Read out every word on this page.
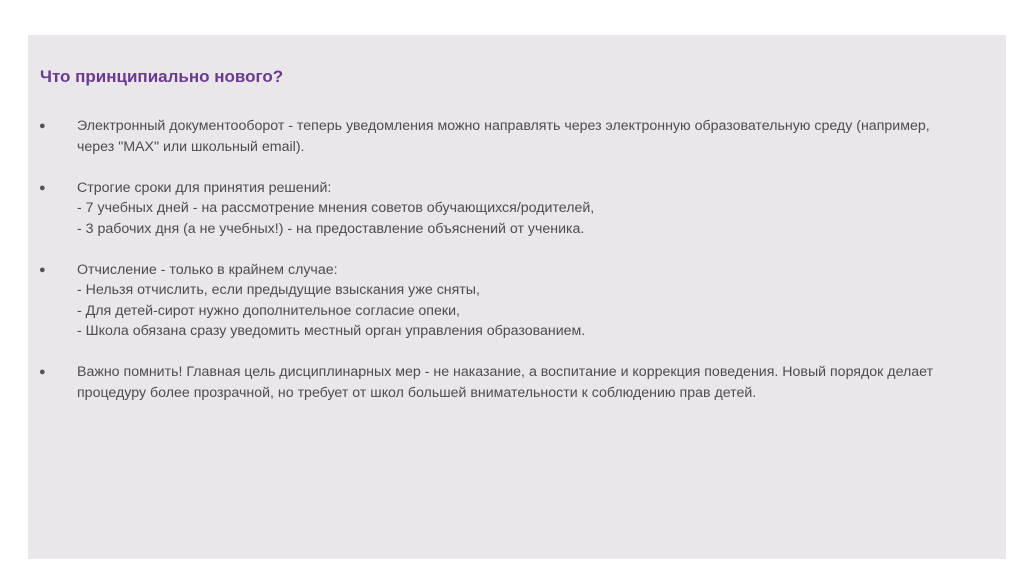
Что принципиально нового?
● Электронный документооборот - теперь уведомления можно направлять через электронную образовательную среду (например,
через "MAX" или школьный email).
● Строгие сроки для принятия решений:
- 7 учебных дней - на рассмотрение мнения советов обучающихся/родителей,
- 3 рабочих дня (а не учебных!) - на предоставление объяснений от ученика.
● Отчисление - только в крайнем случае:
- Нельзя отчислить, если предыдущие взыскания уже сняты,
- Для детей-сирот нужно дополнительное согласие опеки,
- Школа обязана сразу уведомить местный орган управления образованием.
● Важно помнить! Главная цель дисциплинарных мер - не наказание, а воспитание и коррекция поведения. Новый порядок делает
процедуру более прозрачной, но требует от школ большей внимательности к соблюдению прав детей.
